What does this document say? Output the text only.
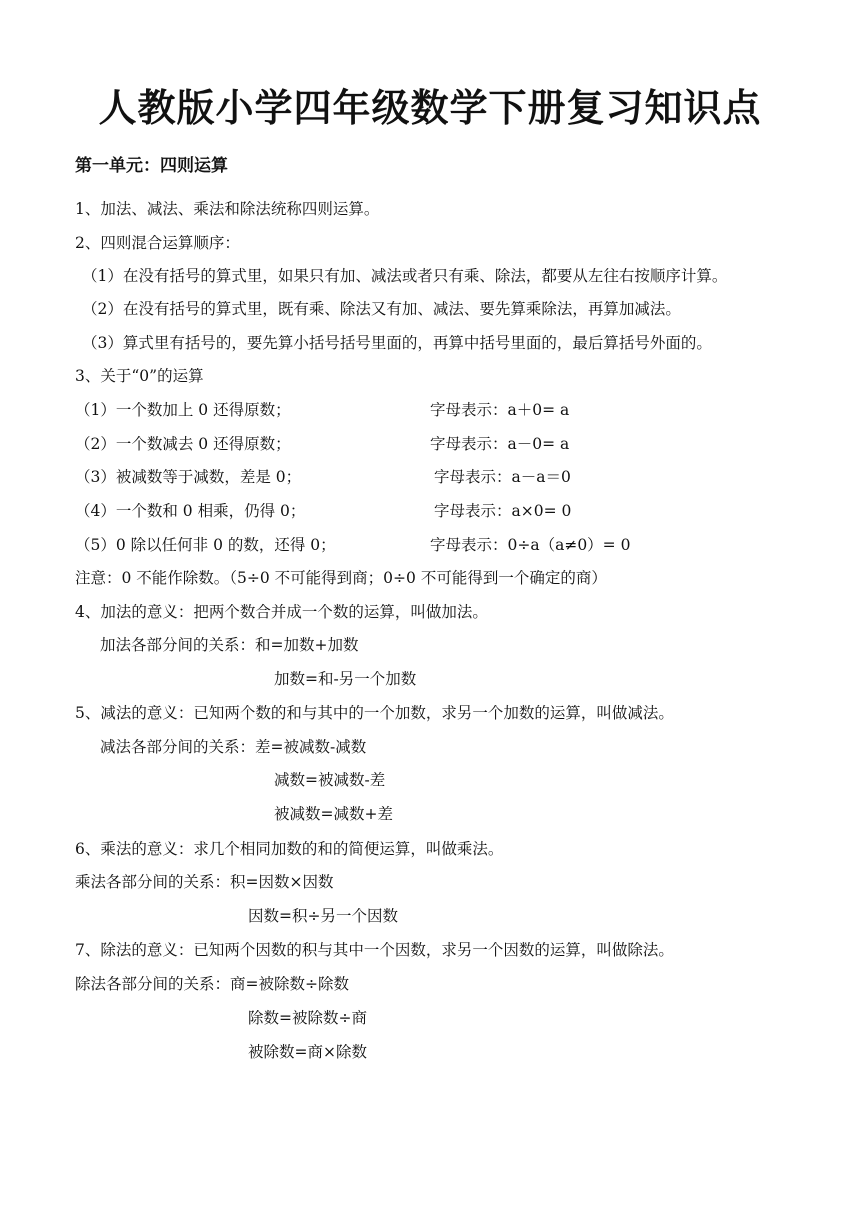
人教版小学四年级数学下册复习知识点
第一单元：四则运算
1、加法、减法、乘法和除法统称四则运算。
2、四则混合运算顺序：
（1）在没有括号的算式里，如果只有加、减法或者只有乘、除法，都要从左往右按顺序计算。
（2）在没有括号的算式里，既有乘、除法又有加、减法、要先算乘除法，再算加减法。
（3）算式里有括号的，要先算小括号括号里面的，再算中括号里面的，最后算括号外面的。
3、关于“0”的运算
（1）一个数加上 0 还得原数；	字母表示：a＋0= a
（2）一个数减去 0 还得原数；	字母表示：a－0= a
（3）被减数等于减数，差是 0；	字母表示：a－a＝0
（4）一个数和 0 相乘，仍得 0；	字母表示：a×0= 0
（5）0 除以任何非 0 的数，还得 0；	字母表示：0÷a（a≠0）= 0
注意：0 不能作除数。（5÷0 不可能得到商；0÷0 不可能得到一个确定的商）
4、加法的意义：把两个数合并成一个数的运算，叫做加法。
加法各部分间的关系：和=加数+加数
加数=和-另一个加数
5、减法的意义：已知两个数的和与其中的一个加数，求另一个加数的运算，叫做减法。
减法各部分间的关系：差=被减数-减数
减数=被减数-差
被减数=减数+差
6、乘法的意义：求几个相同加数的和的简便运算，叫做乘法。
乘法各部分间的关系：积=因数×因数
因数=积÷另一个因数
7、除法的意义：已知两个因数的积与其中一个因数，求另一个因数的运算，叫做除法。
除法各部分间的关系：商=被除数÷除数
除数=被除数÷商
被除数=商×除数
